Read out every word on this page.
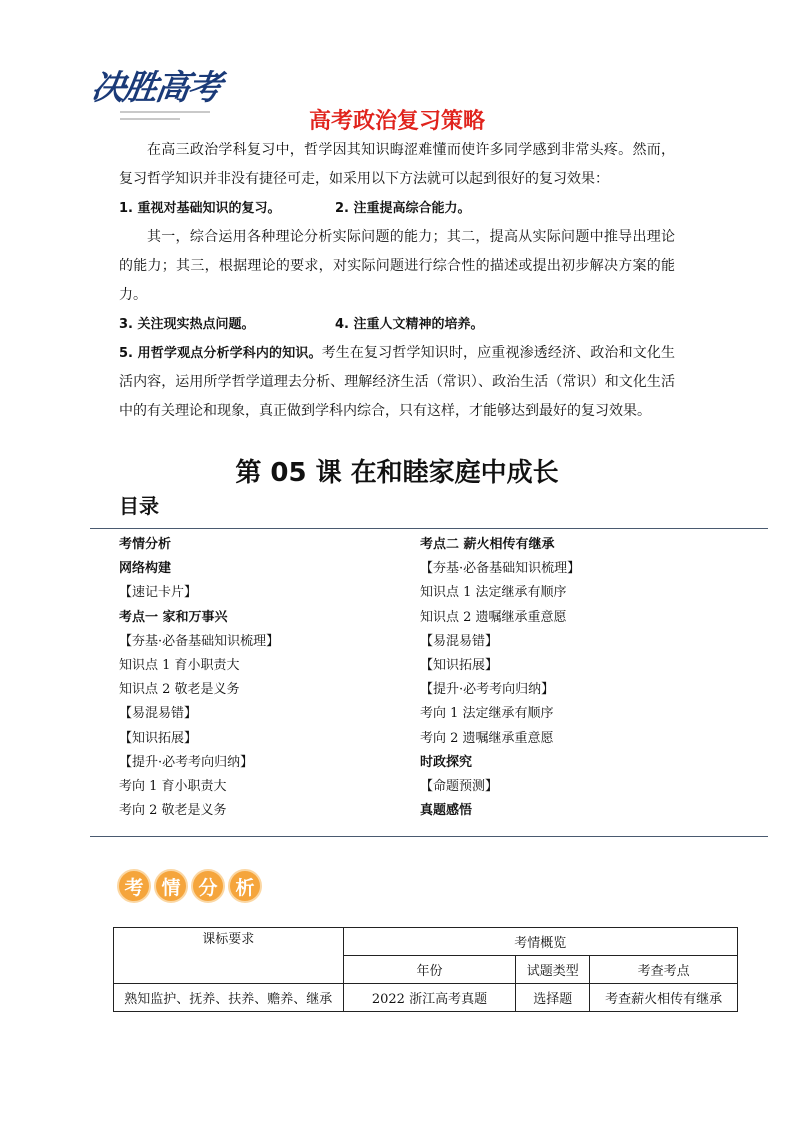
决胜高考
高考政治复习策略

在高三政治学科复习中，哲学因其知识晦涩难懂而使许多同学感到非常头疼。然而，复习哲学知识并非没有捷径可走，如采用以下方法就可以起到很好的复习效果：

1. 重视对基础知识的复习。	2. 注重提高综合能力。

其一，综合运用各种理论分析实际问题的能力；其二，提高从实际问题中推导出理论的能力；其三，根据理论的要求，对实际问题进行综合性的描述或提出初步解决方案的能力。

3. 关注现实热点问题。	4. 注重人文精神的培养。

5. 用哲学观点分析学科内的知识。考生在复习哲学知识时，应重视渗透经济、政治和文化生活内容，运用所学哲学道理去分析、理解经济生活（常识）、政治生活（常识）和文化生活中的有关理论和现象，真正做到学科内综合，只有这样，才能够达到最好的复习效果。

第 05 课 在和睦家庭中成长
目录
考情分析
网络构建
【速记卡片】
考点一 家和万事兴
【夯基·必备基础知识梳理】
知识点 1 育小职责大
知识点 2 敬老是义务
【易混易错】
【知识拓展】
【提升·必考考向归纳】
考向 1 育小职责大
考向 2 敬老是义务
考点二 薪火相传有继承
【夯基·必备基础知识梳理】
知识点 1 法定继承有顺序
知识点 2 遗嘱继承重意愿
【易混易错】
【知识拓展】
【提升·必考考向归纳】
考向 1 法定继承有顺序
考向 2 遗嘱继承重意愿
时政探究
【命题预测】
真题感悟
考 情 分 析
课标要求	考情概览		
	年份	试题类型	考查考点
熟知监护、抚养、扶养、赡养、继承	2022 浙江高考真题	选择题	考查薪火相传有继承
